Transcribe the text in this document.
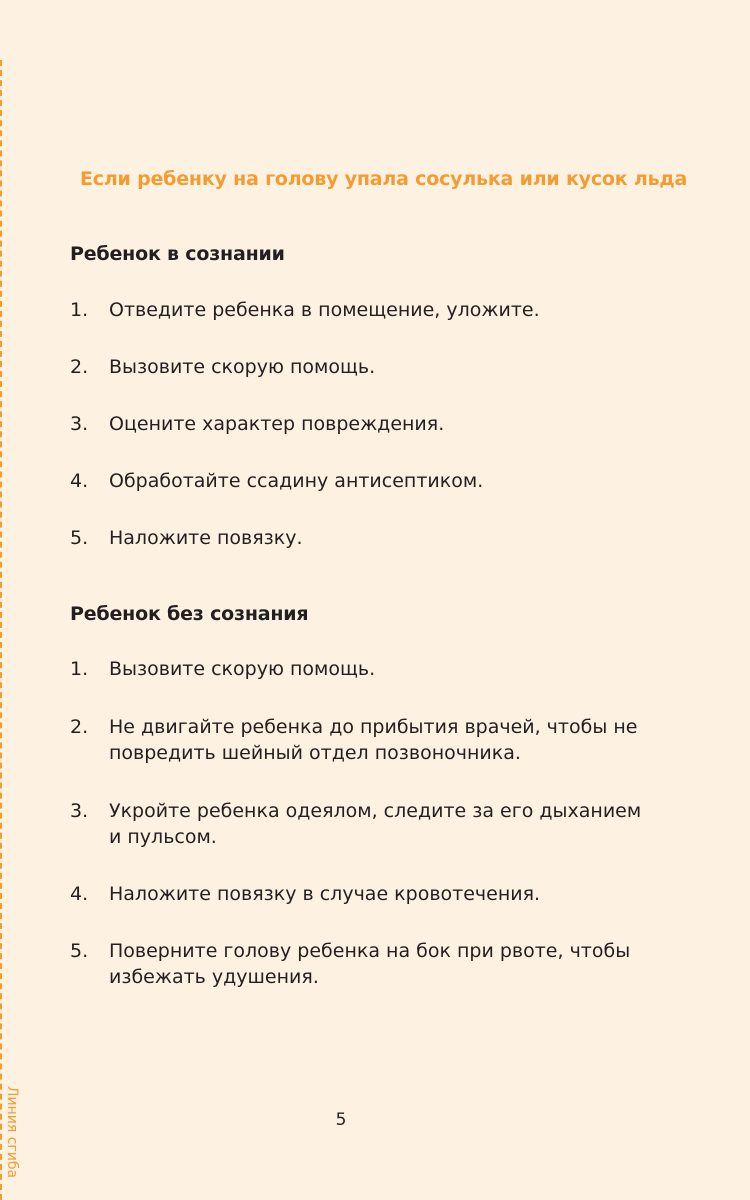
Линия сгиба
Если ребенку на голову упала сосулька или кусок льда
Ребенок в сознании
1.	Отведите ребенка в помещение, уложите.
2.	Вызовите скорую помощь.
3.	Оцените характер повреждения.
4.	Обработайте ссадину антисептиком.
5.	Наложите повязку.
Ребенок без сознания
1.	Вызовите скорую помощь.
2.	Не двигайте ребенка до прибытия врачей, чтобы не повредить шейный отдел позвоночника.
3.	Укройте ребенка одеялом, следите за его дыханием и пульсом.
4.	Наложите повязку в случае кровотечения.
5.	Поверните голову ребенка на бок при рвоте, чтобы избежать удушения.
5
